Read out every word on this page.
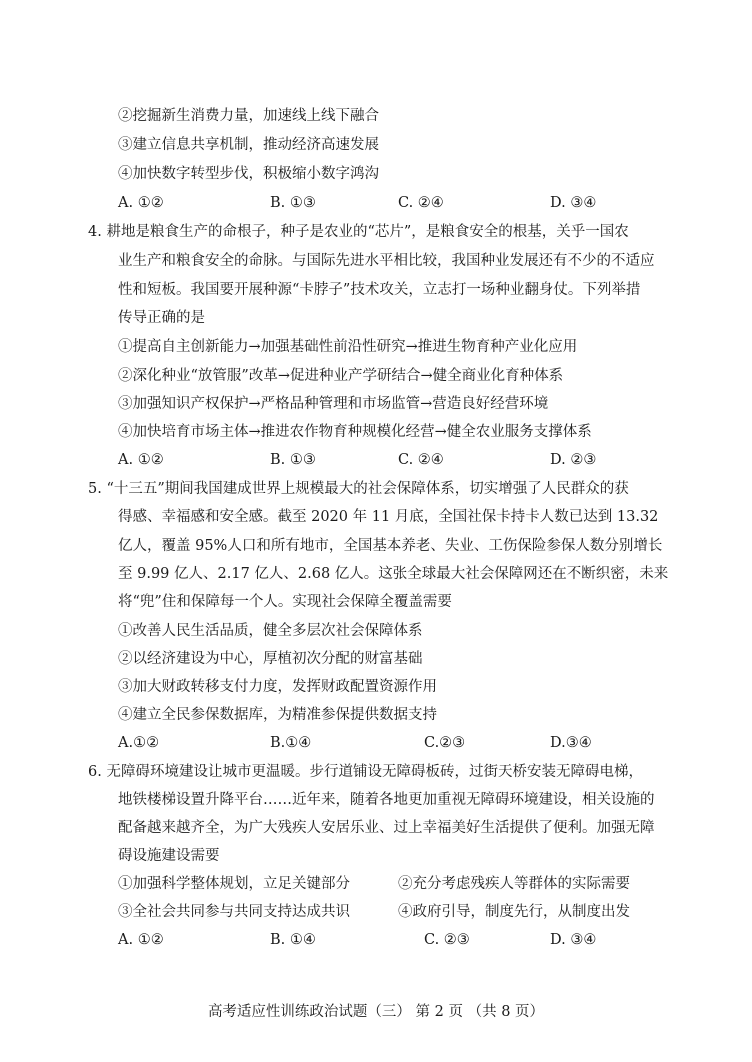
②挖掘新生消费力量，加速线上线下融合
③建立信息共享机制，推动经济高速发展
④加快数字转型步伐，积极缩小数字鸿沟
A. ①②	B. ①③	C. ②④	D. ③④
4. 耕地是粮食生产的命根子，种子是农业的“芯片”，是粮食安全的根基，关乎一国农
业生产和粮食安全的命脉。与国际先进水平相比较，我国种业发展还有不少的不适应
性和短板。我国要开展种源“卡脖子”技术攻关，立志打一场种业翻身仗。下列举措
传导正确的是
①提高自主创新能力→加强基础性前沿性研究→推进生物育种产业化应用
②深化种业“放管服”改革→促进种业产学研结合→健全商业化育种体系
③加强知识产权保护→严格品种管理和市场监管→营造良好经营环境
④加快培育市场主体→推进农作物育种规模化经营→健全农业服务支撑体系
A. ①②	B. ①③	C. ②④	D. ②③
5. “十三五”期间我国建成世界上规模最大的社会保障体系，切实增强了人民群众的获
得感、幸福感和安全感。截至 2020 年 11 月底，全国社保卡持卡人数已达到 13.32
亿人，覆盖 95%人口和所有地市，全国基本养老、失业、工伤保险参保人数分别增长
至 9.99 亿人、2.17 亿人、2.68 亿人。这张全球最大社会保障网还在不断织密，未来
将“兜”住和保障每一个人。实现社会保障全覆盖需要
①改善人民生活品质，健全多层次社会保障体系
②以经济建设为中心，厚植初次分配的财富基础
③加大财政转移支付力度，发挥财政配置资源作用
④建立全民参保数据库，为精准参保提供数据支持
A.①②	B.①④	C.②③	D.③④
6. 无障碍环境建设让城市更温暖。步行道铺设无障碍板砖，过街天桥安装无障碍电梯，
地铁楼梯设置升降平台……近年来，随着各地更加重视无障碍环境建设，相关设施的
配备越来越齐全，为广大残疾人安居乐业、过上幸福美好生活提供了便利。加强无障
碍设施建设需要
①加强科学整体规划，立足关键部分	②充分考虑残疾人等群体的实际需要
③全社会共同参与共同支持达成共识	④政府引导，制度先行，从制度出发
A. ①②	B. ①④	C. ②③	D. ③④
高考适应性训练政治试题（三） 第 2 页 （共 8 页）
